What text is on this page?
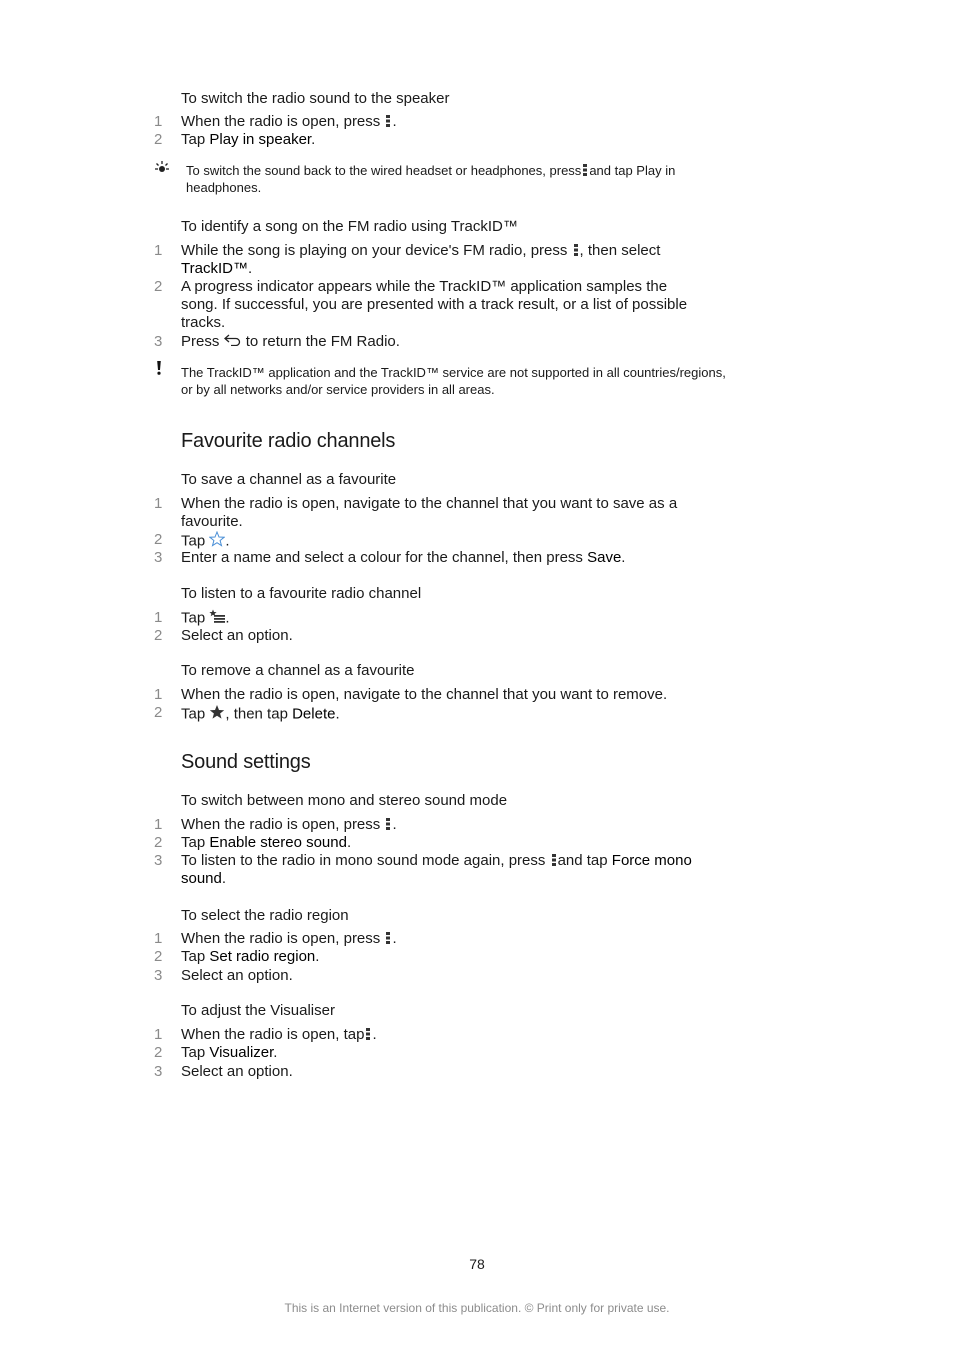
To switch the radio sound to the speaker
1 When the radio is open, press .
2 Tap Play in speaker.
To switch the sound back to the wired headset or headphones, press and tap Play in
headphones.
To identify a song on the FM radio using TrackID™
1 While the song is playing on your device's FM radio, press , then select
TrackID™.
2 A progress indicator appears while the TrackID™ application samples the
song. If successful, you are presented with a track result, or a list of possible
tracks.
3 Press to return the FM Radio.
The TrackID™ application and the TrackID™ service are not supported in all countries/regions,
or by all networks and/or service providers in all areas.
Favourite radio channels
To save a channel as a favourite
1 When the radio is open, navigate to the channel that you want to save as a
favourite.
2 Tap .
3 Enter a name and select a colour for the channel, then press Save.
To listen to a favourite radio channel
1 Tap .
2 Select an option.
To remove a channel as a favourite
1 When the radio is open, navigate to the channel that you want to remove.
2 Tap , then tap Delete.
Sound settings
To switch between mono and stereo sound mode
1 When the radio is open, press .
2 Tap Enable stereo sound.
3 To listen to the radio in mono sound mode again, press and tap Force mono
sound.
To select the radio region
1 When the radio is open, press .
2 Tap Set radio region.
3 Select an option.
To adjust the Visualiser
1 When the radio is open, tap .
2 Tap Visualizer.
3 Select an option.
78
This is an Internet version of this publication. © Print only for private use.
